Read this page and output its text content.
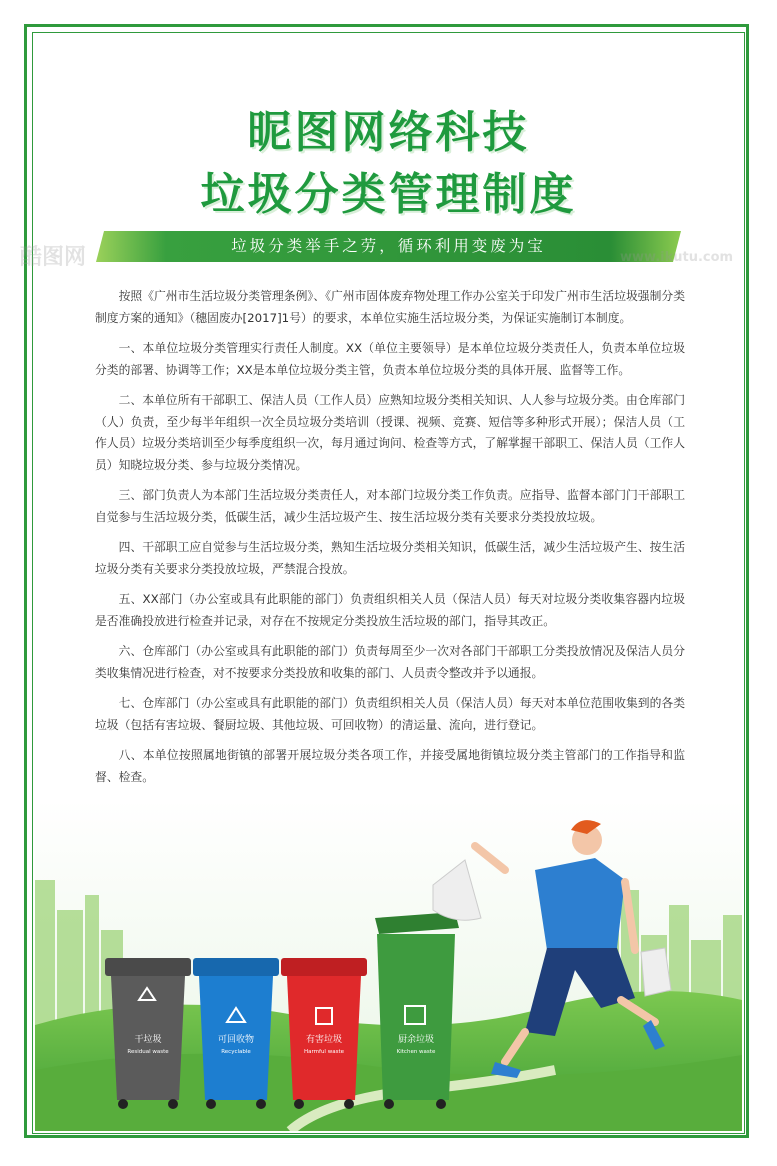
昵图网络科技
垃圾分类管理制度
垃圾分类举手之劳，循环利用变废为宝

按照《广州市生活垃圾分类管理条例》、《广州市固体废弃物处理工作办公室关于印发广州市生活垃圾强制分类制度方案的通知》（穗固废办[2017]1号）的要求，本单位实施生活垃圾分类，为保证实施制订本制度。

一、本单位垃圾分类管理实行责任人制度。XX（单位主要领导）是本单位垃圾分类责任人，负责本单位垃圾分类的部署、协调等工作；XX是本单位垃圾分类主管，负责本单位垃圾分类的具体开展、监督等工作。

二、本单位所有干部职工、保洁人员（工作人员）应熟知垃圾分类相关知识、人人参与垃圾分类。由仓库部门（人）负责，至少每半年组织一次全员垃圾分类培训（授课、视频、竞赛、短信等多种形式开展）；保洁人员（工作人员）垃圾分类培训至少每季度组织一次，每月通过询问、检查等方式，了解掌握干部职工、保洁人员（工作人员）知晓垃圾分类、参与垃圾分类情况。

三、部门负责人为本部门生活垃圾分类责任人，对本部门垃圾分类工作负责。应指导、监督本部门门干部职工自觉参与生活垃圾分类，低碳生活，减少生活垃圾产生、按生活垃圾分类有关要求分类投放垃圾。

四、干部职工应自觉参与生活垃圾分类，熟知生活垃圾分类相关知识，低碳生活，减少生活垃圾产生、按生活垃圾分类有关要求分类投放垃圾，严禁混合投放。

五、XX部门（办公室或具有此职能的部门）负责组织相关人员（保洁人员）每天对垃圾分类收集容器内垃圾是否准确投放进行检查并记录，对存在不按规定分类投放生活垃圾的部门，指导其改正。

六、仓库部门（办公室或具有此职能的部门）负责每周至少一次对各部门干部职工分类投放情况及保洁人员分类收集情况进行检查，对不按要求分类投放和收集的部门、人员责令整改并予以通报。

七、仓库部门（办公室或具有此职能的部门）负责组织相关人员（保洁人员）每天对本单位范围收集到的各类垃圾（包括有害垃圾、餐厨垃圾、其他垃圾、可回收物）的清运量、流向，进行登记。

八、本单位按照属地街镇的部署开展垃圾分类各项工作，并接受属地街镇垃圾分类主管部门的工作指导和监督、检查。

干垃圾
Residual waste
可回收物
Recyclable
有害垃圾
Harmful waste
厨余垃圾
Kitchen waste
酷图网	www.ikutu.com
